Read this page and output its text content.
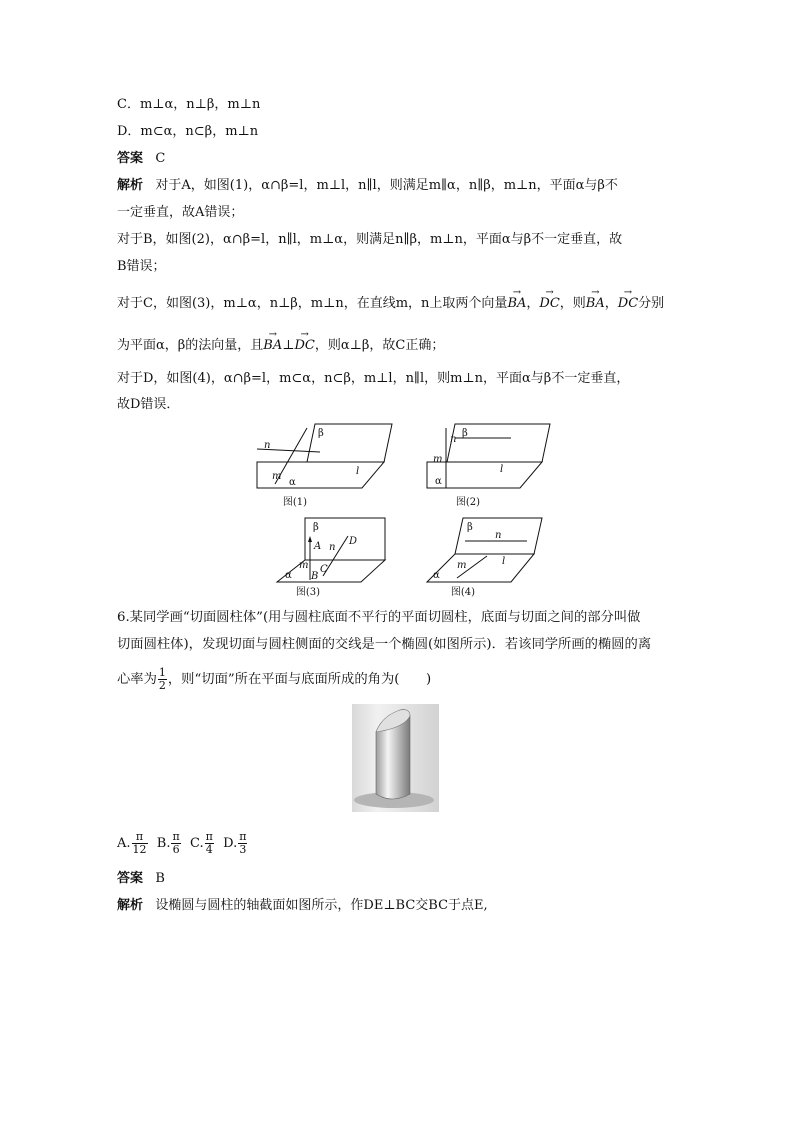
C．m⊥α，n⊥β，m⊥n
D．m⊂α，n⊂β，m⊥n
答案 C
解析 对于A，如图(1)，α∩β=l，m⊥l，n∥l，则满足m∥α，n∥β，m⊥n，平面α与β不
一定垂直，故A错误；
对于B，如图(2)，α∩β=l，n∥l，m⊥α，则满足n∥β，m⊥n，平面α与β不一定垂直，故
B错误；
对于C，如图(3)，m⊥α，n⊥β，m⊥n，在直线m，n上取两个向量→ BA，→ DC，则→ BA，→ DC分别
为平面α，β的法向量，且→ BA⊥→ DC，则α⊥β，故C正确；
对于D，如图(4)，α∩β=l，m⊂α，n⊂β，m⊥l，n∥l，则m⊥n，平面α与β不一定垂直，
故D错误．
β
n
m
α
l
图(1)
β
n
m
α
l
图(2)
β
A n
D
m C
α B
图(3)
β
n
m	l
α
图(4)
6.某同学画“切面圆柱体”(用与圆柱底面不平行的平面切圆柱，底面与切面之间的部分叫做
切面圆柱体)，发现切面与圆柱侧面的交线是一个椭圆(如图所示)．若该同学所画的椭圆的离
心率为 $\frac{1}{2}$ ，则“切面”所在平面与底面所成的角为(　　)
A. $\frac{\pi}{12} B$. $\frac{\pi}{6} C$. $\frac{\pi}{4} D$. $\frac{\pi}{3}$
答案 B
解析 设椭圆与圆柱的轴截面如图所示，作DE⊥BC交BC于点E,
